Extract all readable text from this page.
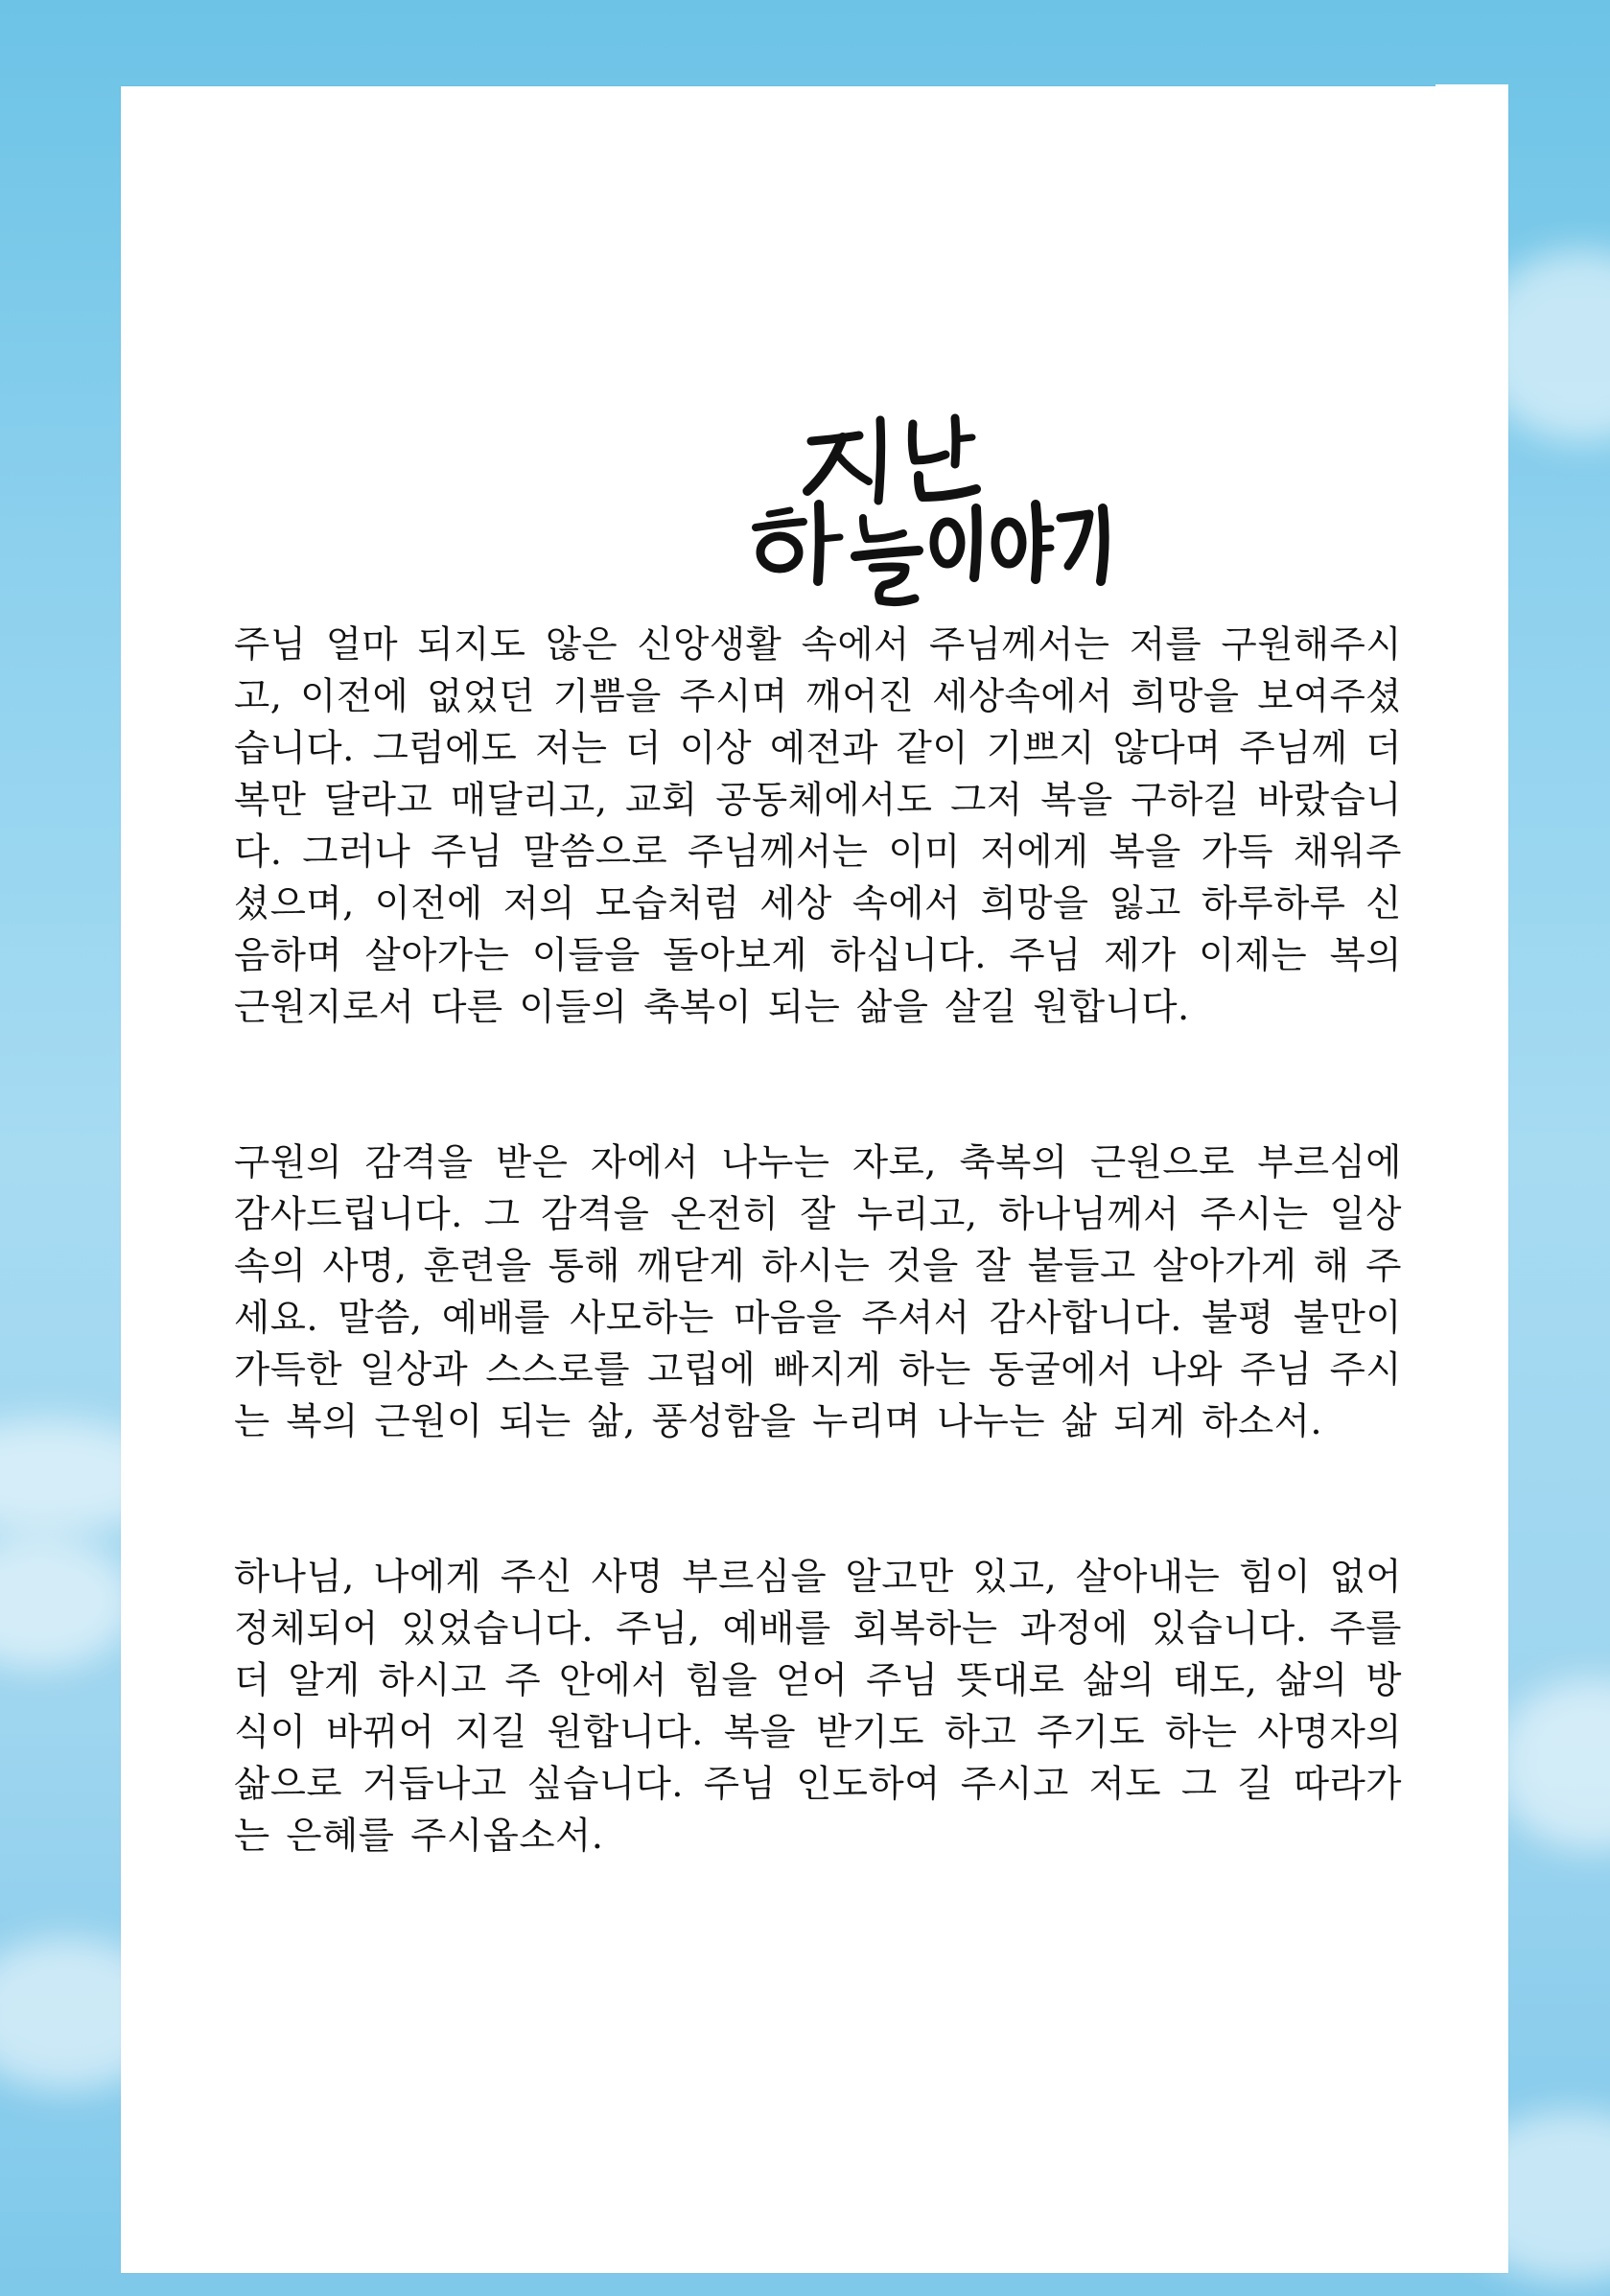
주님 얼마 되지도 않은 신앙생활 속에서 주님께서는 저를 구원해주시고, 이전에 없었던 기쁨을 주시며 깨어진 세상속에서 희망을 보여주셨습니다. 그럼에도 저는 더 이상 예전과 같이 기쁘지 않다며 주님께 더 복만 달라고 매달리고, 교회 공동체에서도 그저 복을 구하길 바랐습니다. 그러나 주님 말씀으로 주님께서는 이미 저에게 복을 가득 채워주셨으며, 이전에 저의 모습처럼 세상 속에서 희망을 잃고 하루하루 신음하며 살아가는 이들을 돌아보게 하십니다. 주님 제가 이제는 복의 근원지로서 다른 이들의 축복이 되는 삶을 살길 원합니다.

구원의 감격을 받은 자에서 나누는 자로, 축복의 근원으로 부르심에 감사드립니다. 그 감격을 온전히 잘 누리고, 하나님께서 주시는 일상 속의 사명, 훈련을 통해 깨닫게 하시는 것을 잘 붙들고 살아가게 해 주세요. 말씀, 예배를 사모하는 마음을 주셔서 감사합니다. 불평 불만이 가득한 일상과 스스로를 고립에 빠지게 하는 동굴에서 나와 주님 주시는 복의 근원이 되는 삶, 풍성함을 누리며 나누는 삶 되게 하소서.

하나님, 나에게 주신 사명 부르심을 알고만 있고, 살아내는 힘이 없어 정체되어 있었습니다. 주님, 예배를 회복하는 과정에 있습니다. 주를 더 알게 하시고 주 안에서 힘을 얻어 주님 뜻대로 삶의 태도, 삶의 방식이 바뀌어 지길 원합니다. 복을 받기도 하고 주기도 하는 사명자의 삶으로 거듭나고 싶습니다. 주님 인도하여 주시고 저도 그 길 따라가는 은혜를 주시옵소서.
